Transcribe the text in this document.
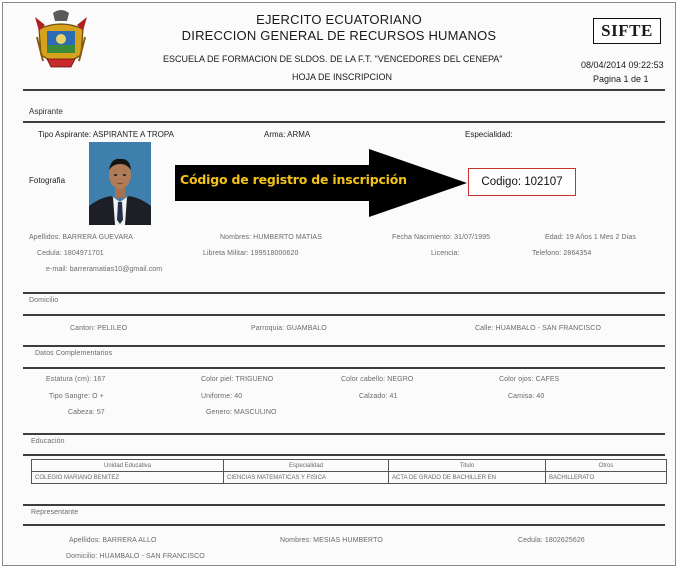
EJERCITO ECUATORIANO
DIRECCION GENERAL DE RECURSOS HUMANOS
ESCUELA DE FORMACION DE SLDOS. DE LA F.T. "VENCEDORES DEL CENEPA"
HOJA DE INSCRIPCION
SIFTE
08/04/2014 09:22:53
Pagina 1 de 1
Aspirante
Tipo Aspirante: ASPIRANTE A TROPA	Arma: ARMA	Especialidad:
Fotografia	Código de registro de inscripción	Codigo: 102107
Apellidos: BARRERA GUEVARA	Nombres: HUMBERTO MATIAS	Fecha Nacimiento: 31/07/1995	Edad: 19 Años 1 Mes 2 Dias
Cedula: 1804971701	Libreta Militar: 199518000620	Licencia:	Telefono: 2864354
e-mail: barreramatias10@gmail.com
Domicilio
Canton: PELILEO	Parroquia: GUAMBALO	Calle: HUAMBALO - SAN FRANCISCO
Datos Complementarios
Estatura (cm): 167	Color piel: TRIGUENO	Color cabello: NEGRO	Color ojos: CAFES
Tipo Sangre: O +	Uniforme: 40	Calzado: 41	Camisa: 40
Cabeza: 57	Genero: MASCULINO
Educación
Unidad Educativa	Especialidad	Titulo	Otros
COLEGIO MARIANO BENITEZ	CIENCIAS MATEMATICAS Y FISICA	ACTA DE GRADO DE BACHILLER EN	BACHILLERATO
Representante
Apellidos: BARRERA ALLO	Nombres: MESIAS HUMBERTO	Cedula: 1802625626
Domicilio: HUAMBALO - SAN FRANCISCO
